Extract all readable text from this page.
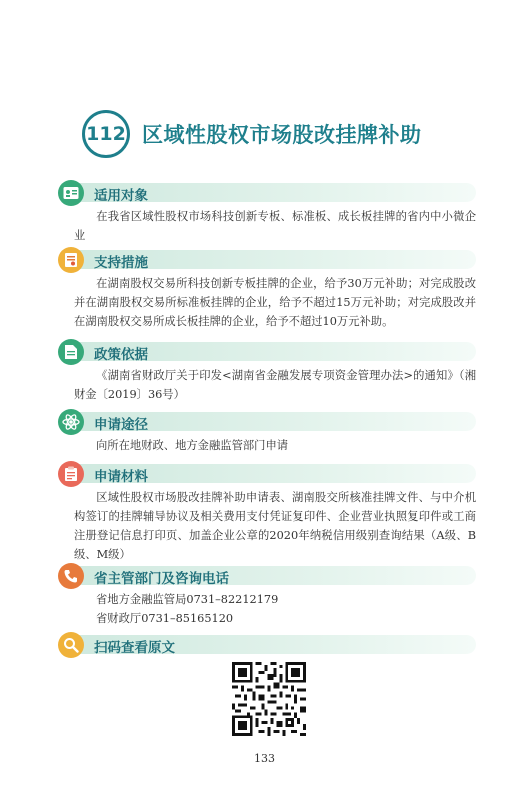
112 区域性股权市场股改挂牌补助
适用对象
在我省区域性股权市场科技创新专板、标准板、成长板挂牌的省内中小微企业
支持措施
在湖南股权交易所科技创新专板挂牌的企业，给予30万元补助；对完成股改并在湖南股权交易所标准板挂牌的企业，给予不超过15万元补助；对完成股改并在湖南股权交易所成长板挂牌的企业，给予不超过10万元补助。
政策依据
《湖南省财政厅关于印发<湖南省金融发展专项资金管理办法>的通知》（湘财金〔2019〕36号）
申请途径
向所在地财政、地方金融监管部门申请
申请材料
区域性股权市场股改挂牌补助申请表、湖南股交所核准挂牌文件、与中介机构签订的挂牌辅导协议及相关费用支付凭证复印件、企业营业执照复印件或工商注册登记信息打印页、加盖企业公章的2020年纳税信用级别查询结果（A级、B级、M级）
省主管部门及咨询电话
省地方金融监管局0731–82212179
省财政厅0731–85165120
扫码查看原文
133
